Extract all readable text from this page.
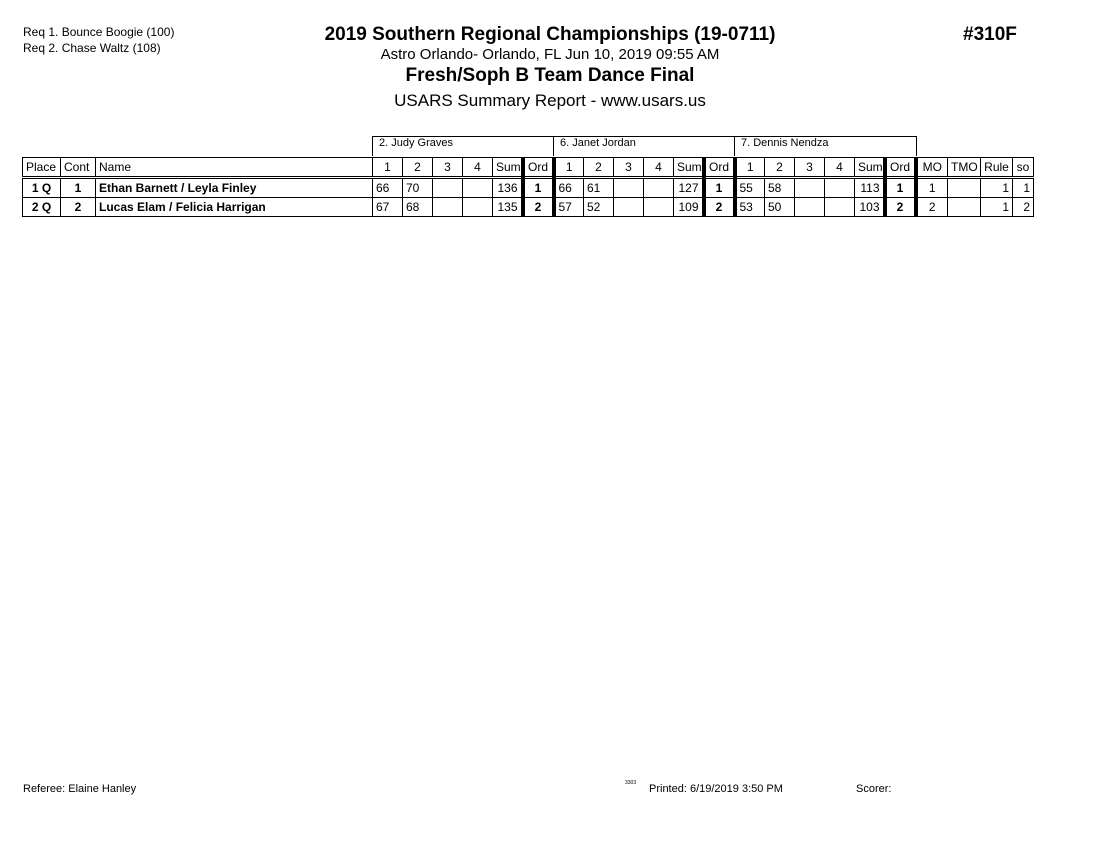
Req 1. Bounce Boogie (100)
Req 2. Chase Waltz (108)
2019 Southern Regional Championships (19-0711)
Astro Orlando- Orlando, FL Jun 10, 2019 09:55 AM
Fresh/Soph B Team Dance Final
USARS Summary Report - www.usars.us
#310F
2. Judy Graves	6. Janet Jordan	7. Dennis Nendza
Place	Cont	Name	1	2	3	4	Sum	Ord	1	2	3	4	Sum	Ord	1	2	3	4	Sum	Ord	MO	TMO	Rule	so
1 Q	1	Ethan Barnett / Leyla Finley	66	70			136	1	66	61			127	1	55	58			113	1	1		1	1
2 Q	2	Lucas Elam / Felicia Harrigan	67	68			135	2	57	52			109	2	53	50			103	2	2		1	2
Referee: Elaine Hanley	3303 Printed: 6/19/2019 3:50 PM	Scorer:
